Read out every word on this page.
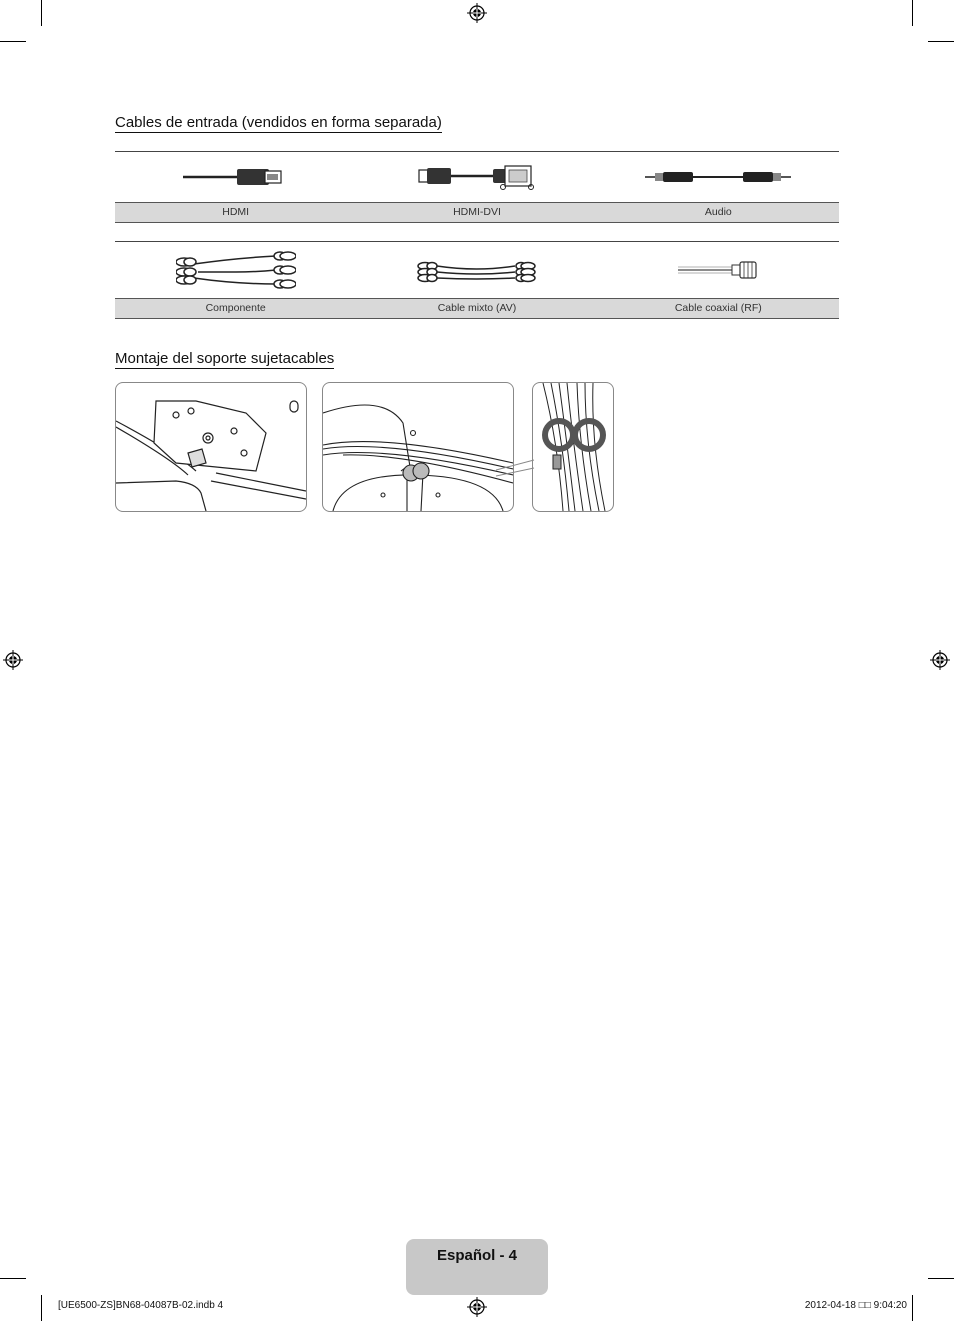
Cables de entrada (vendidos en forma separada)
HDMI	HDMI-DVI	Audio
Componente	Cable mixto (AV)	Cable coaxial (RF)
Montaje del soporte sujetacables
Español - 4
[UE6500-ZS]BN68-04087B-02.indb 4	2012-04-18 □□ 9:04:20
